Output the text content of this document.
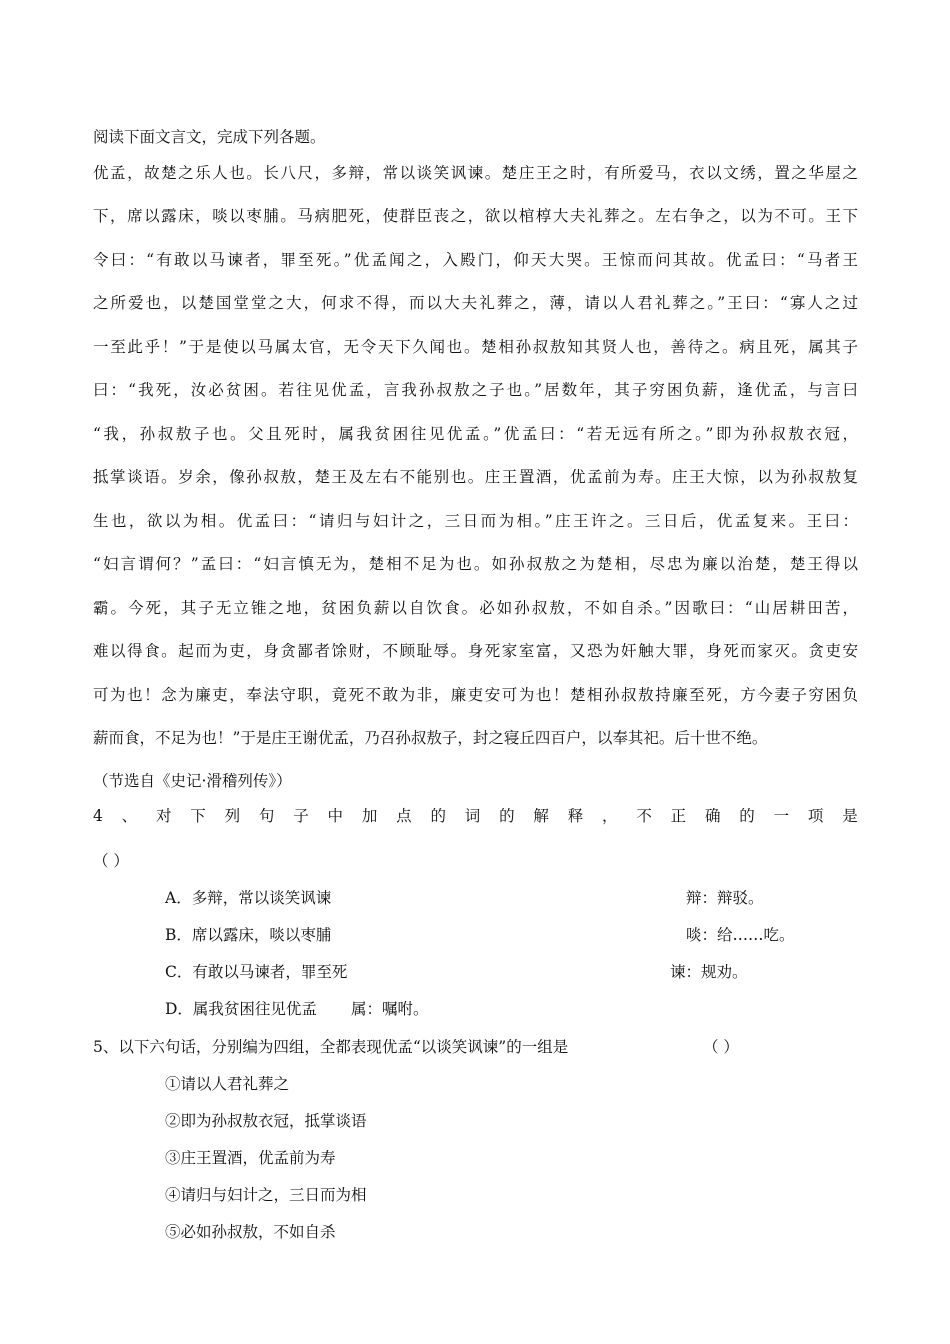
阅读下面文言文，完成下列各题。
优孟，故楚之乐人也。长八尺，多辩，常以谈笑讽谏。楚庄王之时，有所爱马，衣以文绣，置之华屋之
下，席以露床，啖以枣脯。马病肥死，使群臣丧之，欲以棺椁大夫礼葬之。左右争之，以为不可。王下
令曰：“有敢以马谏者，罪至死。”优孟闻之，入殿门，仰天大哭。王惊而问其故。优孟曰：“马者王
之所爱也，以楚国堂堂之大，何求不得，而以大夫礼葬之，薄，请以人君礼葬之。”王曰：“寡人之过
一至此乎！”于是使以马属太官，无令天下久闻也。楚相孙叔敖知其贤人也，善待之。病且死，属其子
曰：“我死，汝必贫困。若往见优孟，言我孙叔敖之子也。”居数年，其子穷困负薪，逢优孟，与言曰
“我，孙叔敖子也。父且死时，属我贫困往见优孟。”优孟曰：“若无远有所之。”即为孙叔敖衣冠，
抵掌谈语。岁余，像孙叔敖，楚王及左右不能别也。庄王置酒，优孟前为寿。庄王大惊，以为孙叔敖复
生也，欲以为相。优孟曰：“请归与妇计之，三日而为相。”庄王许之。三日后，优孟复来。王曰：
“妇言谓何？”孟曰：“妇言慎无为，楚相不足为也。如孙叔敖之为楚相，尽忠为廉以治楚，楚王得以
霸。今死，其子无立锥之地，贫困负薪以自饮食。必如孙叔敖，不如自杀。”因歌曰：“山居耕田苦，
难以得食。起而为吏，身贪鄙者馀财，不顾耻辱。身死家室富，又恐为奸触大罪，身死而家灭。贪吏安
可为也！念为廉吏，奉法守职，竟死不敢为非，廉吏安可为也！楚相孙叔敖持廉至死，方今妻子穷困负
薪而食，不足为也！”于是庄王谢优孟，乃召孙叔敖子，封之寝丘四百户，以奉其祀。后十世不绝。
（节选自《史记·滑稽列传》）
4 、 对 下 列 句 子 中 加 点 的 词 的 解 释 ， 不 正 确 的 一 项 是
（ ）
A．多辩，常以谈笑讽谏	辩：辩驳。
B．席以露床，啖以枣脯	啖：给……吃。
C．有敢以马谏者，罪至死	谏：规劝。
D．属我贫困往见优孟 属：嘱咐。
5、以下六句话，分别编为四组，全都表现优孟“以谈笑讽谏”的一组是	（ ）
①请以人君礼葬之
②即为孙叔敖衣冠，抵掌谈语
③庄王置酒，优孟前为寿
④请归与妇计之，三日而为相
⑤必如孙叔敖，不如自杀
